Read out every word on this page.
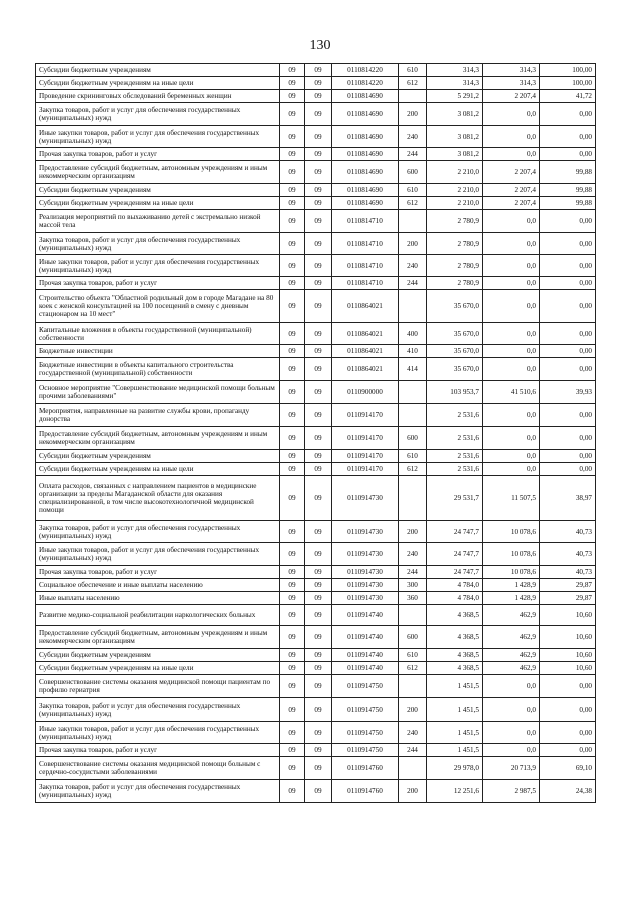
130
Субсидии бюджетным учреждениям	09	09	0110814220	610	314,3	314,3	100,00
Субсидии бюджетным учреждениям на иные цели	09	09	0110814220	612	314,3	314,3	100,00
Проведение скрининговых обследований беременных женщин	09	09	0110814690		5 291,2	2 207,4	41,72
Закупка товаров, работ и услуг для обеспечения государственных (муниципальных) нужд	09	09	0110814690	200	3 081,2	0,0	0,00
Иные закупки товаров, работ и услуг для обеспечения государственных (муниципальных) нужд	09	09	0110814690	240	3 081,2	0,0	0,00
Прочая закупка товаров, работ и услуг	09	09	0110814690	244	3 081,2	0,0	0,00
Предоставление субсидий бюджетным, автономным учреждениям и иным некоммерческим организациям	09	09	0110814690	600	2 210,0	2 207,4	99,88
Субсидии бюджетным учреждениям	09	09	0110814690	610	2 210,0	2 207,4	99,88
Субсидии бюджетным учреждениям на иные цели	09	09	0110814690	612	2 210,0	2 207,4	99,88
Реализация мероприятий по выхаживанию детей с экстремально низкой массой тела	09	09	0110814710		2 780,9	0,0	0,00
Закупка товаров, работ и услуг для обеспечения государственных (муниципальных) нужд	09	09	0110814710	200	2 780,9	0,0	0,00
Иные закупки товаров, работ и услуг для обеспечения государственных (муниципальных) нужд	09	09	0110814710	240	2 780,9	0,0	0,00
Прочая закупка товаров, работ и услуг	09	09	0110814710	244	2 780,9	0,0	0,00
Строительство объекта "Областной родильный дом в городе Магадане на 80 коек с женской консультацией на 100 посещений в смену с дневным стационаром на 10 мест"	09	09	0110864021		35 670,0	0,0	0,00
Капитальные вложения в объекты государственной (муниципальной) собственности	09	09	0110864021	400	35 670,0	0,0	0,00
Бюджетные инвестиции	09	09	0110864021	410	35 670,0	0,0	0,00
Бюджетные инвестиции в объекты капитального строительства государственной (муниципальной) собственности	09	09	0110864021	414	35 670,0	0,0	0,00
Основное мероприятие "Совершенствование медицинской помощи больным прочими заболеваниями"	09	09	0110900000		103 953,7	41 510,6	39,93
Мероприятия, направленные на развитие службы крови, пропаганду донорства	09	09	0110914170		2 531,6	0,0	0,00
Предоставление субсидий бюджетным, автономным учреждениям и иным некоммерческим организациям	09	09	0110914170	600	2 531,6	0,0	0,00
Субсидии бюджетным учреждениям	09	09	0110914170	610	2 531,6	0,0	0,00
Субсидии бюджетным учреждениям на иные цели	09	09	0110914170	612	2 531,6	0,0	0,00
Оплата расходов, связанных с направлением пациентов в медицинские организации за пределы Магаданской области для оказания специализированной, в том числе высокотехнологичной медицинской помощи	09	09	0110914730		29 531,7	11 507,5	38,97
Закупка товаров, работ и услуг для обеспечения государственных (муниципальных) нужд	09	09	0110914730	200	24 747,7	10 078,6	40,73
Иные закупки товаров, работ и услуг для обеспечения государственных (муниципальных) нужд	09	09	0110914730	240	24 747,7	10 078,6	40,73
Прочая закупка товаров, работ и услуг	09	09	0110914730	244	24 747,7	10 078,6	40,73
Социальное обеспечение и иные выплаты населению	09	09	0110914730	300	4 784,0	1 428,9	29,87
Иные выплаты населению	09	09	0110914730	360	4 784,0	1 428,9	29,87
Развитие медико-социальной реабилитации наркологических больных	09	09	0110914740		4 368,5	462,9	10,60
Предоставление субсидий бюджетным, автономным учреждениям и иным некоммерческим организациям	09	09	0110914740	600	4 368,5	462,9	10,60
Субсидии бюджетным учреждениям	09	09	0110914740	610	4 368,5	462,9	10,60
Субсидии бюджетным учреждениям на иные цели	09	09	0110914740	612	4 368,5	462,9	10,60
Совершенствование системы оказания медицинской помощи пациентам по профилю гериатрия	09	09	0110914750		1 451,5	0,0	0,00
Закупка товаров, работ и услуг для обеспечения государственных (муниципальных) нужд	09	09	0110914750	200	1 451,5	0,0	0,00
Иные закупки товаров, работ и услуг для обеспечения государственных (муниципальных) нужд	09	09	0110914750	240	1 451,5	0,0	0,00
Прочая закупка товаров, работ и услуг	09	09	0110914750	244	1 451,5	0,0	0,00
Совершенствование системы оказания медицинской помощи больным с сердечно-сосудистыми заболеваниями	09	09	0110914760		29 978,0	20 713,9	69,10
Закупка товаров, работ и услуг для обеспечения государственных (муниципальных) нужд	09	09	0110914760	200	12 251,6	2 987,5	24,38
